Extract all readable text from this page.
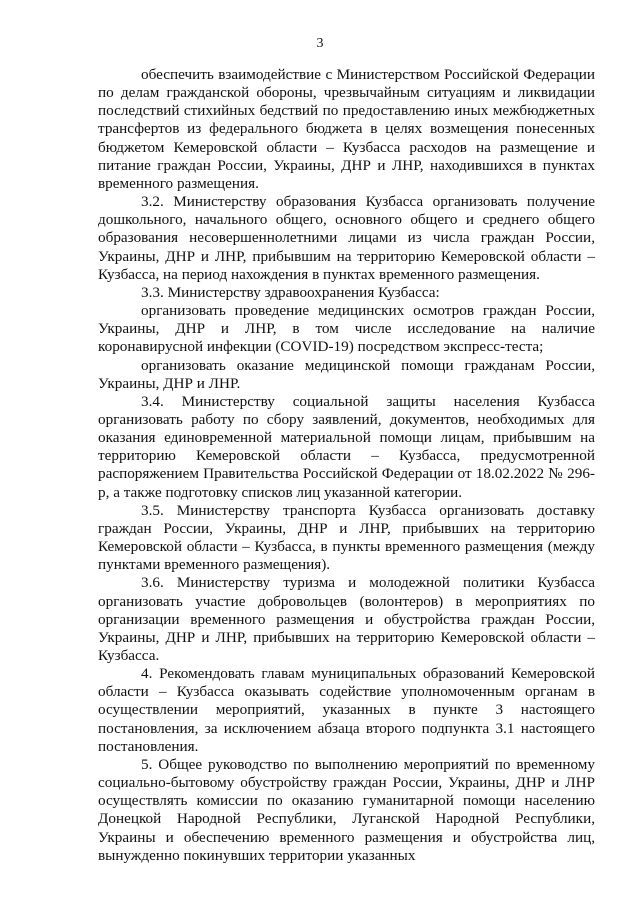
3

обеспечить взаимодействие с Министерством Российской Федерации по делам гражданской обороны, чрезвычайным ситуациям и ликвидации последствий стихийных бедствий по предоставлению иных межбюджетных трансфертов из федерального бюджета в целях возмещения понесенных бюджетом Кемеровской области – Кузбасса расходов на размещение и питание граждан России, Украины, ДНР и ЛНР, находившихся в пунктах временного размещения.

3.2. Министерству образования Кузбасса организовать получение дошкольного, начального общего, основного общего и среднего общего образования несовершеннолетними лицами из числа граждан России, Украины, ДНР и ЛНР, прибывшим на территорию Кемеровской области – Кузбасса, на период нахождения в пунктах временного размещения.

3.3. Министерству здравоохранения Кузбасса:

организовать проведение медицинских осмотров граждан России, Украины, ДНР и ЛНР, в том числе исследование на наличие коронавирусной инфекции (COVID-19) посредством экспресс-теста;

организовать оказание медицинской помощи гражданам России, Украины, ДНР и ЛНР.

3.4. Министерству социальной защиты населения Кузбасса организовать работу по сбору заявлений, документов, необходимых для оказания единовременной материальной помощи лицам, прибывшим на территорию Кемеровской области – Кузбасса, предусмотренной распоряжением Правительства Российской Федерации от 18.02.2022 № 296-р, а также подготовку списков лиц указанной категории.

3.5. Министерству транспорта Кузбасса организовать доставку граждан России, Украины, ДНР и ЛНР, прибывших на территорию Кемеровской области – Кузбасса, в пункты временного размещения (между пунктами временного размещения).

3.6. Министерству туризма и молодежной политики Кузбасса организовать участие добровольцев (волонтеров) в мероприятиях по организации временного размещения и обустройства граждан России, Украины, ДНР и ЛНР, прибывших на территорию Кемеровской области – Кузбасса.

4. Рекомендовать главам муниципальных образований Кемеровской области – Кузбасса оказывать содействие уполномоченным органам в осуществлении мероприятий, указанных в пункте 3 настоящего постановления, за исключением абзаца второго подпункта 3.1 настоящего постановления.

5. Общее руководство по выполнению мероприятий по временному социально-бытовому обустройству граждан России, Украины, ДНР и ЛНР осуществлять комиссии по оказанию гуманитарной помощи населению Донецкой Народной Республики, Луганской Народной Республики, Украины и обеспечению временного размещения и обустройства лиц, вынужденно покинувших территории указанных
